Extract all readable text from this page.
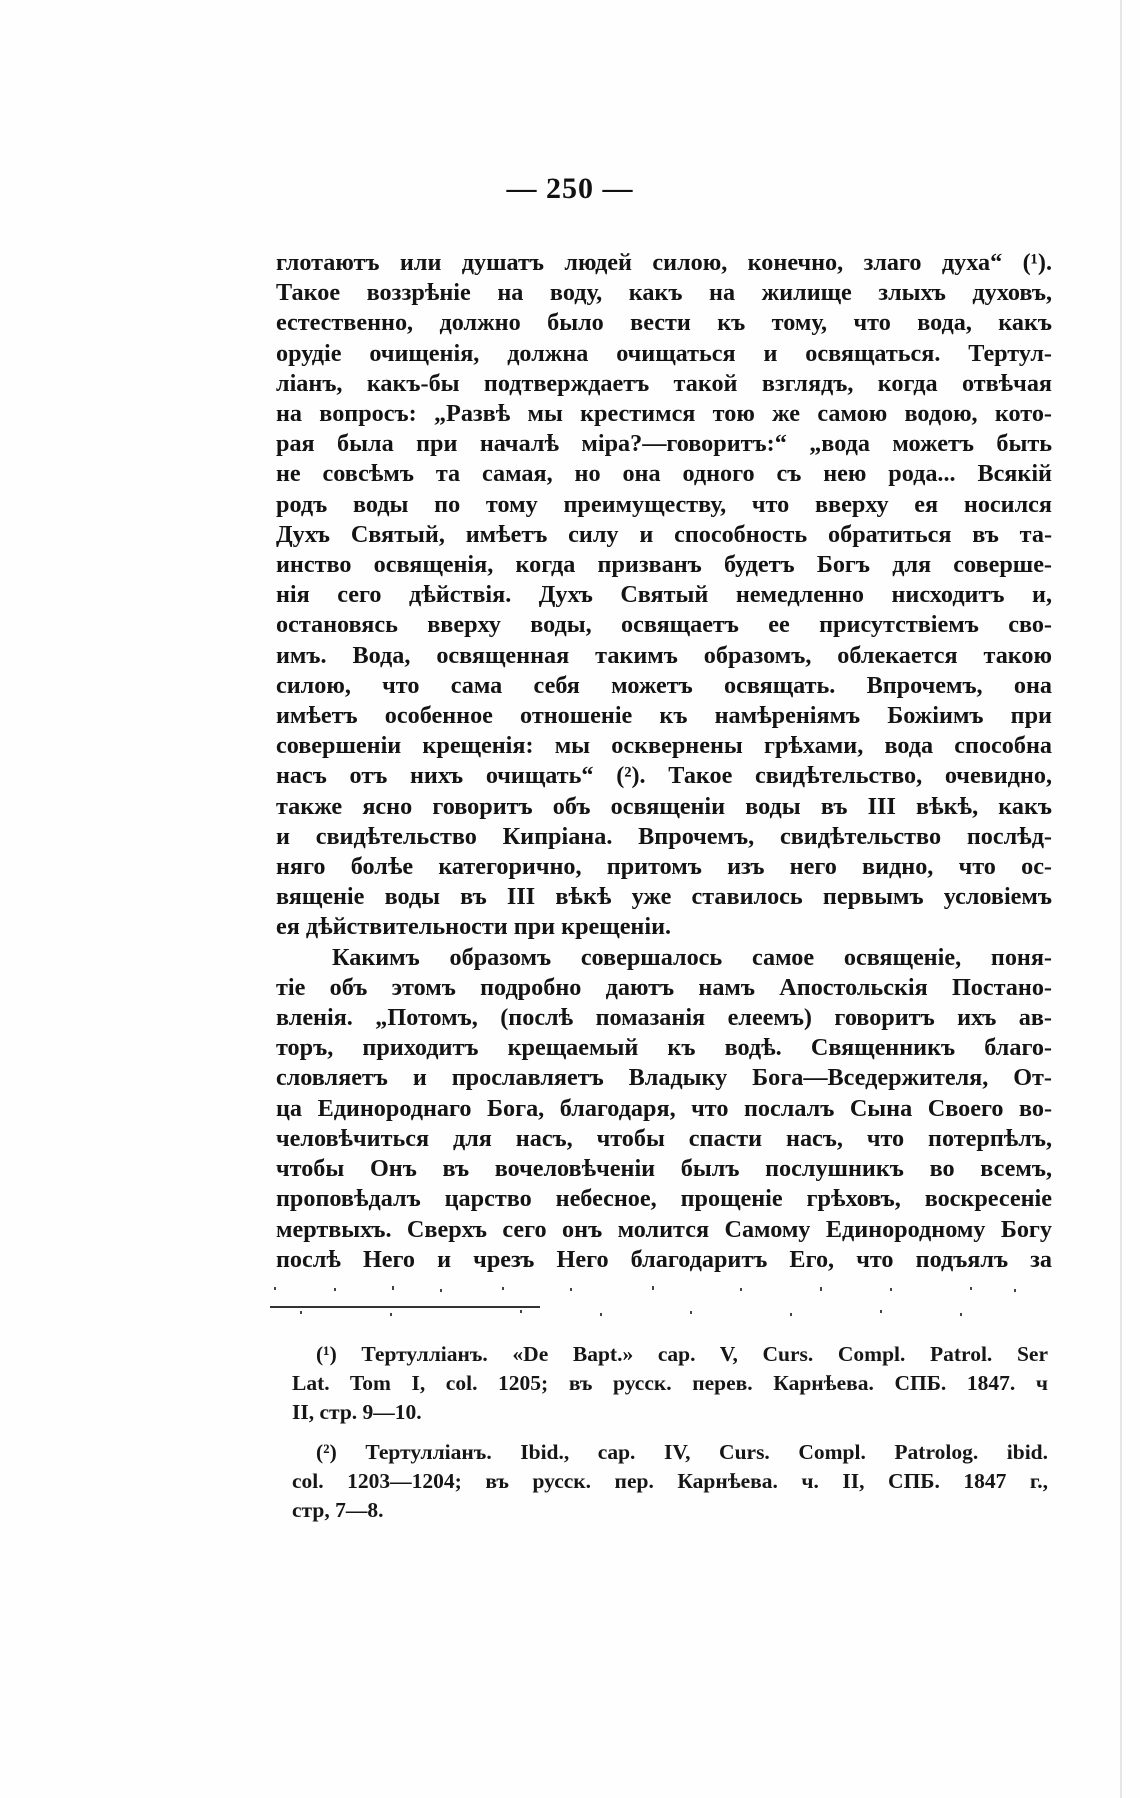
— 250 —
глотаютъ или душатъ людей силою, конечно, злаго духа“ (¹).
Такое воззрѣніе на воду, какъ на жилище злыхъ духовъ,
естественно, должно было вести къ тому, что вода, какъ
орудіе очищенія, должна очищаться и освящаться. Тертул-
ліанъ, какъ-бы подтверждаетъ такой взглядъ, когда отвѣчая
на вопросъ: „Развѣ мы крестимся тою же самою водою, кото-
рая была при началѣ міра?—говоритъ:“ „вода можетъ быть
не совсѣмъ та самая, но она одного съ нею рода... Всякій
родъ воды по тому преимуществу, что вверху ея носился
Духъ Святый, имѣетъ силу и способность обратиться въ та-
инство освященія, когда призванъ будетъ Богъ для соверше-
нія сего дѣйствія. Духъ Святый немедленно нисходитъ и,
остановясь вверху воды, освящаетъ ее присутствіемъ сво-
имъ. Вода, освященная такимъ образомъ, облекается такою
силою, что сама себя можетъ освящать. Впрочемъ, она
имѣетъ особенное отношеніе къ намѣреніямъ Божіимъ при
совершеніи крещенія: мы осквернены грѣхами, вода способна
насъ отъ нихъ очищать“ (²). Такое свидѣтельство, очевидно,
также ясно говоритъ объ освященіи воды въ III вѣкѣ, какъ
и свидѣтельство Кипріана. Впрочемъ, свидѣтельство послѣд-
няго болѣе категорично, притомъ изъ него видно, что ос-
вященіе воды въ III вѣкѣ уже ставилось первымъ условіемъ
ея дѣйствительности при крещеніи.
Какимъ образомъ совершалось самое освященіе, поня-
тіе объ этомъ подробно даютъ намъ Апостольскія Постано-
вленія. „Потомъ, (послѣ помазанія елеемъ) говоритъ ихъ ав-
торъ, приходитъ крещаемый къ водѣ. Священникъ благо-
словляетъ и прославляетъ Владыку Бога—Вседержителя, От-
ца Единороднаго Бога, благодаря, что послалъ Сына Своего во-
человѣчиться для насъ, чтобы спасти насъ, что потерпѣлъ,
чтобы Онъ въ вочеловѣченіи былъ послушникъ во всемъ,
проповѣдалъ царство небесное, прощеніе грѣховъ, воскресеніе
мертвыхъ. Сверхъ сего онъ молится Самому Единородному Богу
послѣ Него и чрезъ Него благодаритъ Его, что подъялъ за
(¹) Тертулліанъ. «De Bapt.» cap. V, Curs. Compl. Patrol. Ser
Lat. Tom I, col. 1205; въ русск. перев. Карнѣева. СПБ. 1847. ч
II, стр. 9—10.
(²) Тертулліанъ. Ibid., cap. IV, Curs. Compl. Patrolog. ibid.
col. 1203—1204; въ русск. пер. Карнѣева. ч. II, СПБ. 1847 г.,
стр, 7—8.
